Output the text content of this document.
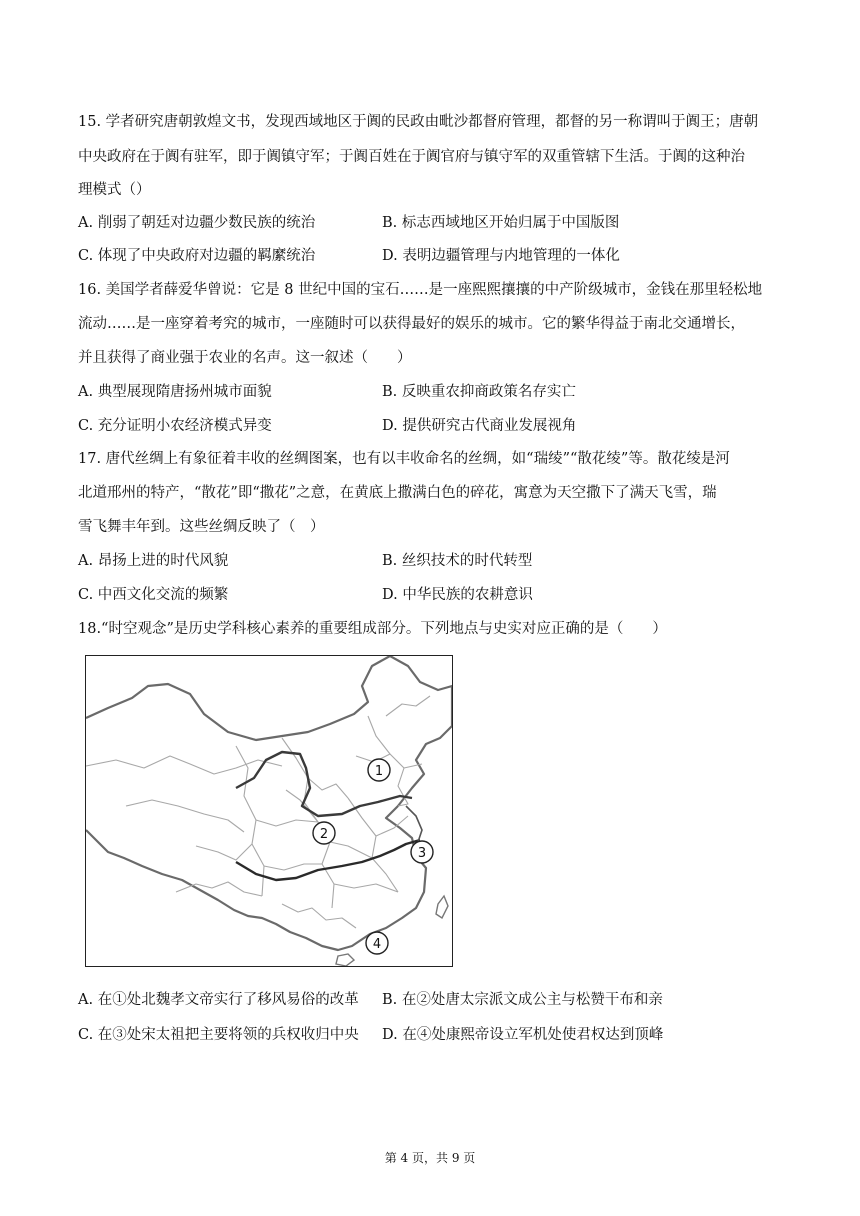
15. 学者研究唐朝敦煌文书，发现西域地区于阗的民政由毗沙都督府管理，都督的另一称谓叫于阗王；唐朝
中央政府在于阗有驻军，即于阗镇守军；于阗百姓在于阗官府与镇守军的双重管辖下生活。于阗的这种治
理模式（）
A. 削弱了朝廷对边疆少数民族的统治	B. 标志西域地区开始归属于中国版图
C. 体现了中央政府对边疆的羁縻统治	D. 表明边疆管理与内地管理的一体化
16. 美国学者薛爱华曾说：它是 8 世纪中国的宝石……是一座熙熙攘攘的中产阶级城市，金钱在那里轻松地
流动……是一座穿着考究的城市，一座随时可以获得最好的娱乐的城市。它的繁华得益于南北交通增长，
并且获得了商业强于农业的名声。这一叙述（　　）
A. 典型展现隋唐扬州城市面貌	B. 反映重农抑商政策名存实亡
C. 充分证明小农经济模式异变	D. 提供研究古代商业发展视角
17. 唐代丝绸上有象征着丰收的丝绸图案，也有以丰收命名的丝绸，如“瑞绫”“散花绫”等。散花绫是河
北道邢州的特产，“散花”即“撒花”之意，在黄底上撒满白色的碎花，寓意为天空撒下了满天飞雪，瑞
雪飞舞丰年到。这些丝绸反映了（　）
A. 昂扬上进的时代风貌	B. 丝织技术的时代转型
C. 中西文化交流的频繁	D. 中华民族的农耕意识
18.“时空观念”是历史学科核心素养的重要组成部分。下列地点与史实对应正确的是（　　）
1
2
3
4
A. 在①处北魏孝文帝实行了移风易俗的改革 B. 在②处唐太宗派文成公主与松赞干布和亲
C. 在③处宋太祖把主要将领的兵权收归中央 D. 在④处康熙帝设立军机处使君权达到顶峰
第 4 页，共 9 页
